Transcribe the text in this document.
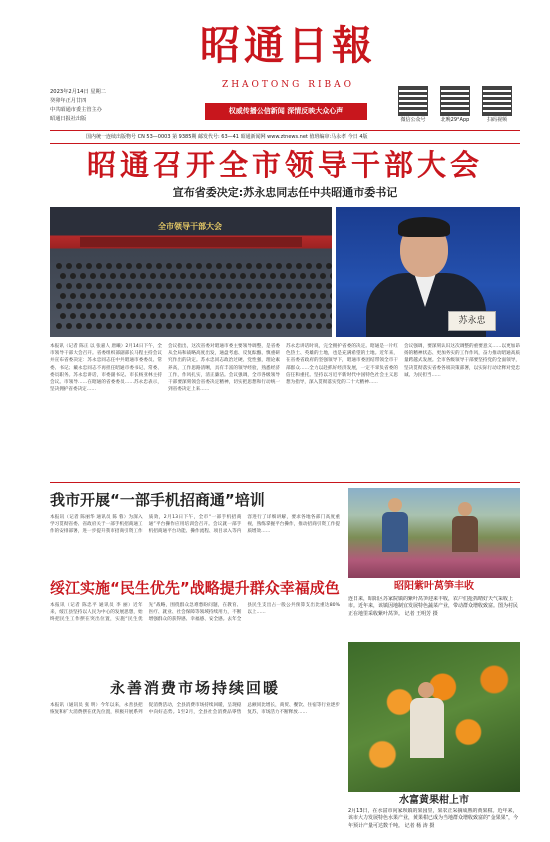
2023年2月14日 星期二
癸卯年正月廿四
中共昭通市委主管主办
昭通日报社出版
昭通日報
ZHAOTONG RIBAO
权威传播公信新闻 深情反映大众心声
微信公众号	北晚29°App	扫码视频
国内统一连续出版物号 CN 53—0003 第 9385期 邮发代号: 63—41 昭通新闻网 www.ztnews.net 值班编审:马永孝 今日 4版
昭通召开全市领导干部大会
宣布省委决定:苏永忠同志任中共昭通市委书记
全市领导干部大会
苏永忠
本报讯（记者 陈正 以 张嘉人 唐曦）2月14日下午，全市领导干部大会召开。省委组织部副部长马程主持会议并宣布省委决定：苏永忠同志任中共昭通市委委员、常委、书记；戴永忠同志不再担任昭通市委书记、常委、委员职务。苏永忠讲话，市委副书记、市长杨亚林主持会议。市领导……在昭通的省委委员……苏永忠表示，坚决拥护省委决定……
会议指出，这次省委对昭通市委主要领导调整，是省委从全局和战略高度出发，通盘考虑、反复酝酿、慎重研究作出的决定。苏永忠同志政治过硬、党性强，理论素养高，工作思路清晰，具有丰富的领导经验，熟悉经济工作，作风扎实，清正廉洁。会议强调，全市各级领导干部要深刻领会省委决定精神，切实把思想和行动统一到省委决定上来……
苏永忠讲话时说，完全拥护省委的决定。昭通是一片红色热土、英雄的土地，也是充满希望的土地。近年来，在省委省政府的坚强领导下，昭通市委团结带领全市干部群众……全力以赴抓好经济发展，一定不辜负省委的信任和重托。坚持以习近平新时代中国特色社会主义思想为指导，深入贯彻落实党的二十大精神……
会议强调，要深刻认识这次调整的重要意义……以更加昂扬的精神状态、更加务实的工作作风，奋力推动昭通高质量跨越式发展。全市各级领导干部要坚持党的全面领导，坚决贯彻落实省委各项决策部署，以实际行动诠释对党忠诚、为民担当……
我市开展“一部手机招商通”培训
本报讯（记者 陈丽华 通讯员 陈 蓉）为深入学习贯彻省委、省政府关于一部手机招商通工作的安排部署，进一步提升我市招商引资工作质效，2月13日下午，全市“一部手机招商通”平台操作应用培训会召开。会议就一部手机招商通平台功能、操作流程、项目录入等内容进行了详细讲解，要求各地各部门高度重视，熟练掌握平台操作，推动招商引资工作提质增效……
绥江实施“民生优先”战略提升群众幸福成色
本报讯（记者 陈忠平 通讯员 李 丽）近年来，绥江县坚持以人民为中心的发展思想，始终把民生工作摆在突出位置，实施“民生优先”战略，围绕群众急难愁盼问题，在教育、医疗、就业、社会保障等领域持续用力，不断增强群众的获得感、幸福感、安全感。去年全县民生支出占一般公共预算支出比重达80%以上……
永善消费市场持续回暖
本报讯（通讯员 张 明）今年以来，永善县把恢复和扩大消费摆在优先位置，积极开展系列促消费活动，全县消费市场持续回暖，呈现稳中向好态势。1至2月，全县社会消费品零售总额同比增长，商贸、餐饮、住宿等行业逐步复苏，市场活力不断释放……
昭阳紫叶莴笋丰收
连日来，昭阳区苏家院镇的紫叶莴笋迎来丰收，农户们抢抓晴好天气采收上市。近年来，该镇因地制宜发展特色蔬菜产业，带动群众增收致富。图为村民正在地里采收紫叶莴笋。 记者 王明芳 摄
水富黄果柑上市
2月13日，在水富市向家坝镇的果园里，果农正采摘成熟的黄果柑。近年来，该市大力发展特色水果产业，黄果柑已成为当地群众增收致富的“金果果”，今年预计产量可达数千吨。 记者 杨 涛 摄
